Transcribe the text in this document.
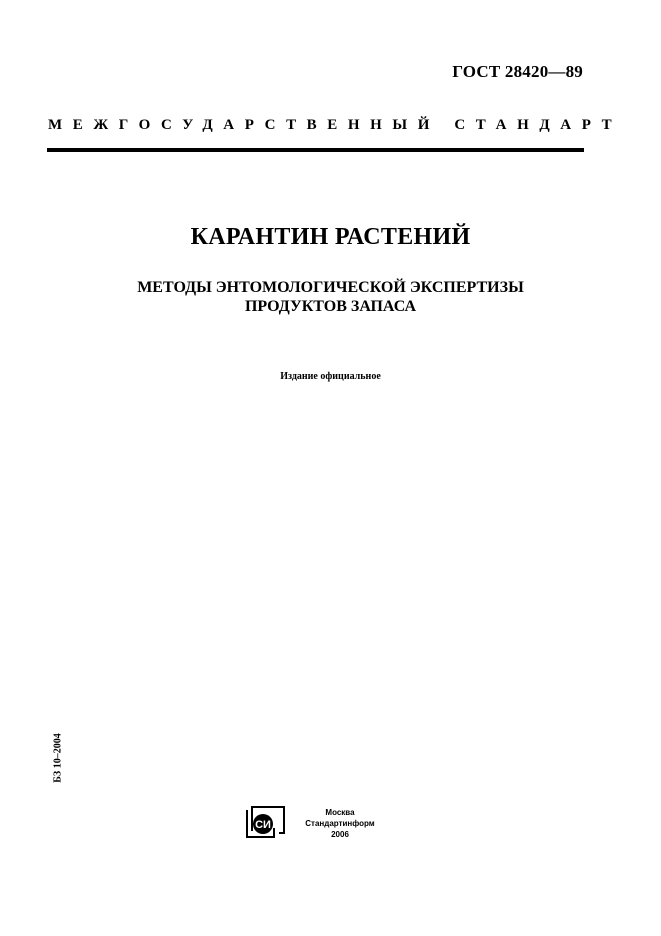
ГОСТ 28420—89
МЕЖГОСУДАРСТВЕННЫЙ СТАНДАРТ
КАРАНТИН РАСТЕНИЙ
МЕТОДЫ ЭНТОМОЛОГИЧЕСКОЙ ЭКСПЕРТИЗЫ
ПРОДУКТОВ ЗАПАСА
Издание официальное
БЗ 10–2004
СИ
Москва
Стандартинформ
2006
